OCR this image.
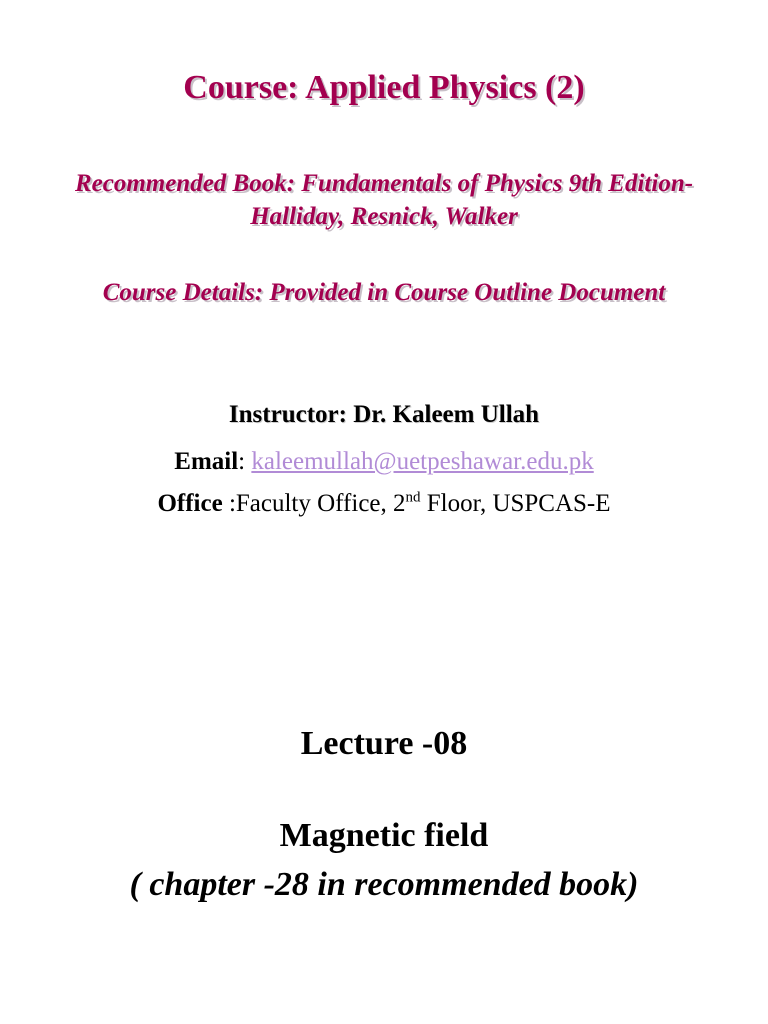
Course: Applied Physics (2)
Recommended Book: Fundamentals of Physics 9th Edition-Halliday, Resnick, Walker
Course Details: Provided in Course Outline Document
Instructor: Dr. Kaleem Ullah
Email: kaleemullah@uetpeshawar.edu.pk
Office :Faculty Office, 2nd Floor, USPCAS-E
Lecture -08
Magnetic field
( chapter -28 in recommended book)
